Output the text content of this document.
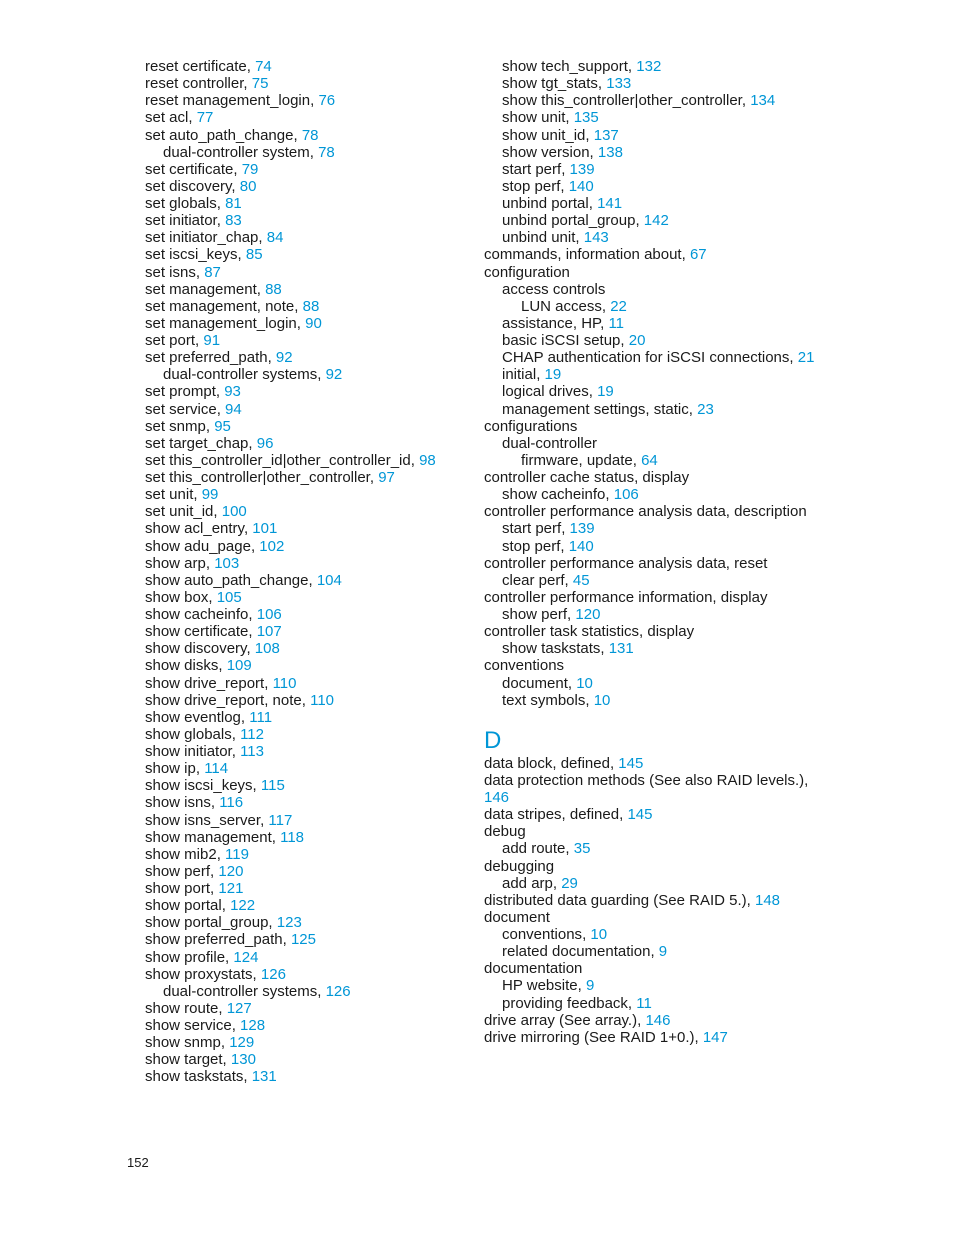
reset certificate, 74
reset controller, 75
reset management_login, 76
set acl, 77
set auto_path_change, 78
dual-controller system, 78
set certificate, 79
set discovery, 80
set globals, 81
set initiator, 83
set initiator_chap, 84
set iscsi_keys, 85
set isns, 87
set management, 88
set management, note, 88
set management_login, 90
set port, 91
set preferred_path, 92
dual-controller systems, 92
set prompt, 93
set service, 94
set snmp, 95
set target_chap, 96
set this_controller_id|other_controller_id, 98
set this_controller|other_controller, 97
set unit, 99
set unit_id, 100
show acl_entry, 101
show adu_page, 102
show arp, 103
show auto_path_change, 104
show box, 105
show cacheinfo, 106
show certificate, 107
show discovery, 108
show disks, 109
show drive_report, 110
show drive_report, note, 110
show eventlog, 111
show globals, 112
show initiator, 113
show ip, 114
show iscsi_keys, 115
show isns, 116
show isns_server, 117
show management, 118
show mib2, 119
show perf, 120
show port, 121
show portal, 122
show portal_group, 123
show preferred_path, 125
show profile, 124
show proxystats, 126
dual-controller systems, 126
show route, 127
show service, 128
show snmp, 129
show target, 130
show taskstats, 131
show tech_support, 132
show tgt_stats, 133
show this_controller|other_controller, 134
show unit, 135
show unit_id, 137
show version, 138
start perf, 139
stop perf, 140
unbind portal, 141
unbind portal_group, 142
unbind unit, 143
commands, information about, 67
configuration
access controls
LUN access, 22
assistance, HP, 11
basic iSCSI setup, 20
CHAP authentication for iSCSI connections, 21
initial, 19
logical drives, 19
management settings, static, 23
configurations
dual-controller
firmware, update, 64
controller cache status, display
show cacheinfo, 106
controller performance analysis data, description
start perf, 139
stop perf, 140
controller performance analysis data, reset
clear perf, 45
controller performance information, display
show perf, 120
controller task statistics, display
show taskstats, 131
conventions
document, 10
text symbols, 10
D
data block, defined, 145
data protection methods (See also RAID levels.), 146
data stripes, defined, 145
debug
add route, 35
debugging
add arp, 29
distributed data guarding (See RAID 5.), 148
document
conventions, 10
related documentation, 9
documentation
HP website, 9
providing feedback, 11
drive array (See array.), 146
drive mirroring (See RAID 1+0.), 147
152
